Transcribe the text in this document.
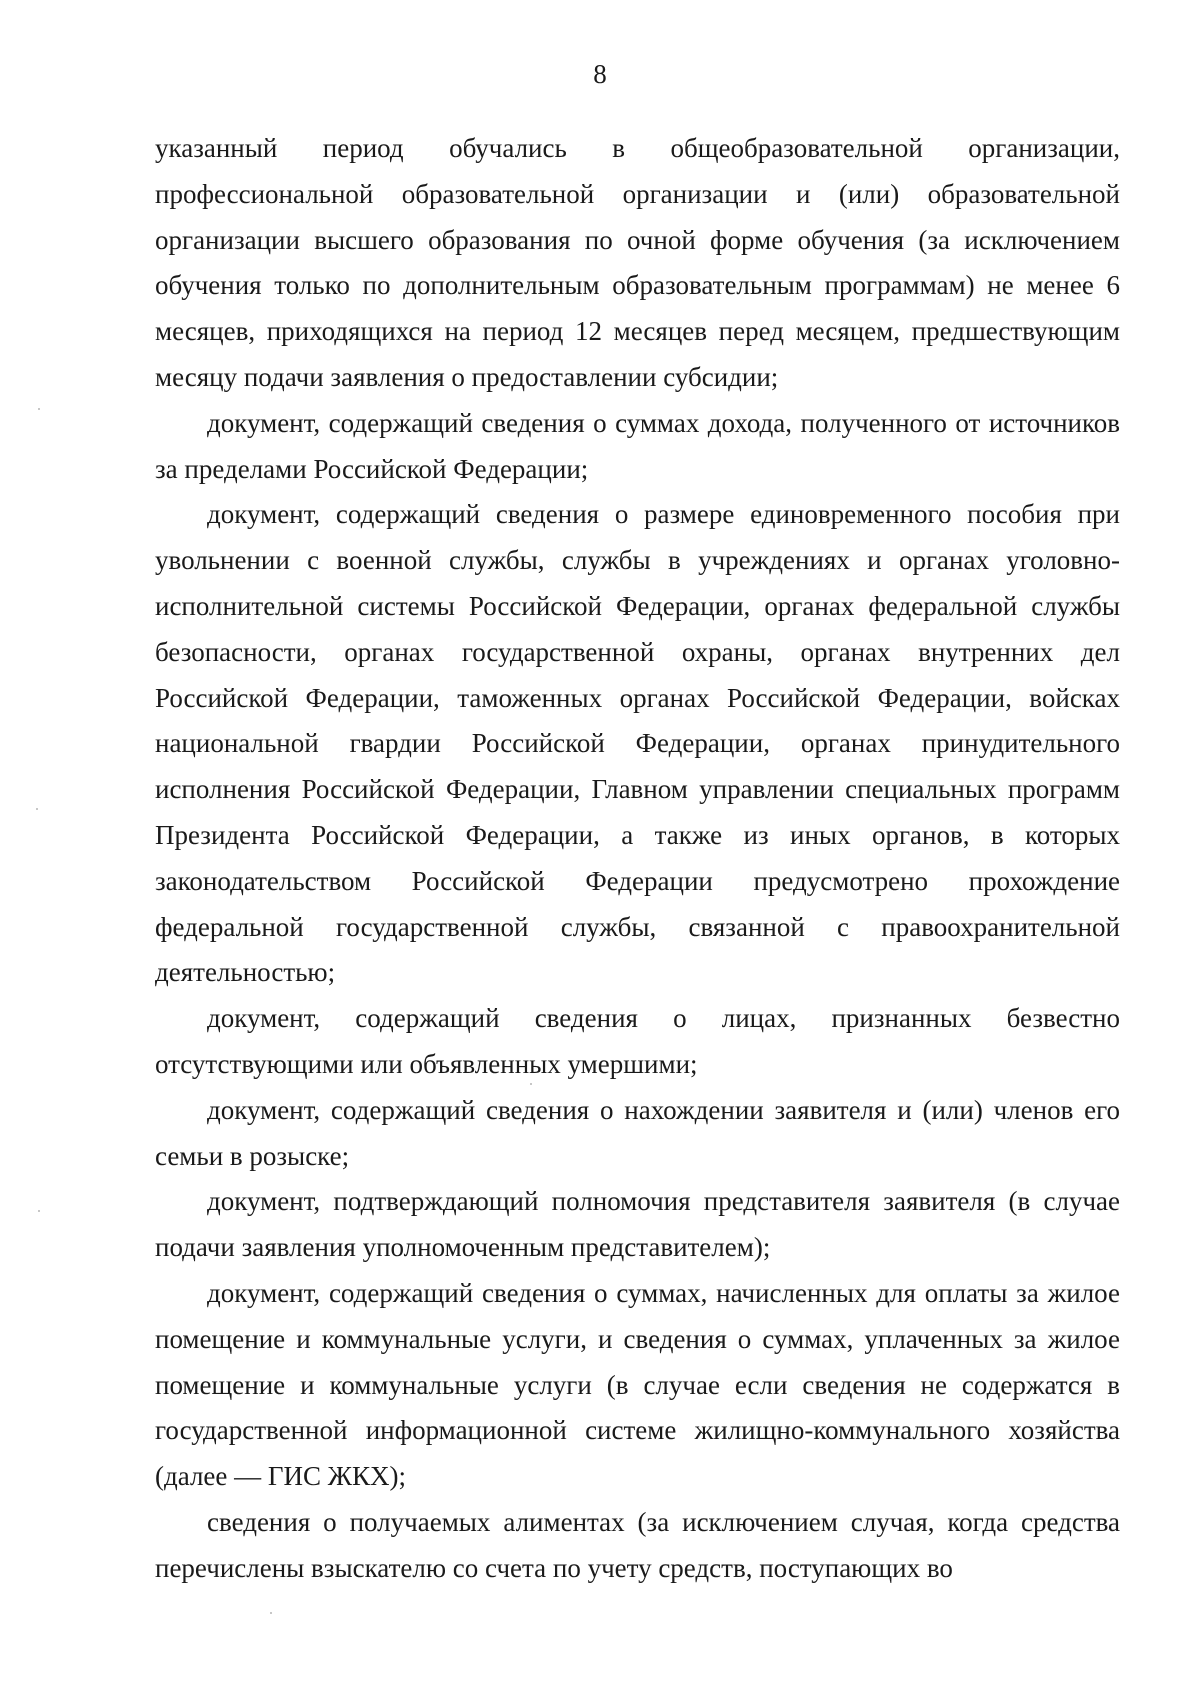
8

указанный период обучались в общеобразовательной организации, профессиональной образовательной организации и (или) образовательной организации высшего образования по очной форме обучения (за исключением обучения только по дополнительным образовательным программам) не менее 6 месяцев, приходящихся на период 12 месяцев перед месяцем, предшествующим месяцу подачи заявления о предоставлении субсидии;

документ, содержащий сведения о суммах дохода, полученного от источников за пределами Российской Федерации;

документ, содержащий сведения о размере единовременного пособия при увольнении с военной службы, службы в учреждениях и органах уголовно-исполнительной системы Российской Федерации, органах федеральной службы безопасности, органах государственной охраны, органах внутренних дел Российской Федерации, таможенных органах Российской Федерации, войсках национальной гвардии Российской Федерации, органах принудительного исполнения Российской Федерации, Главном управлении специальных программ Президента Российской Федерации, а также из иных органов, в которых законодательством Российской Федерации предусмотрено прохождение федеральной государственной службы, связанной с правоохранительной деятельностью;

документ, содержащий сведения о лицах, признанных безвестно отсутствующими или объявленных умершими;

документ, содержащий сведения о нахождении заявителя и (или) членов его семьи в розыске;

документ, подтверждающий полномочия представителя заявителя (в случае подачи заявления уполномоченным представителем);

документ, содержащий сведения о суммах, начисленных для оплаты за жилое помещение и коммунальные услуги, и сведения о суммах, уплаченных за жилое помещение и коммунальные услуги (в случае если сведения не содержатся в государственной информационной системе жилищно-коммунального хозяйства (далее — ГИС ЖКХ);

сведения о получаемых алиментах (за исключением случая, когда средства перечислены взыскателю со счета по учету средств, поступающих во
